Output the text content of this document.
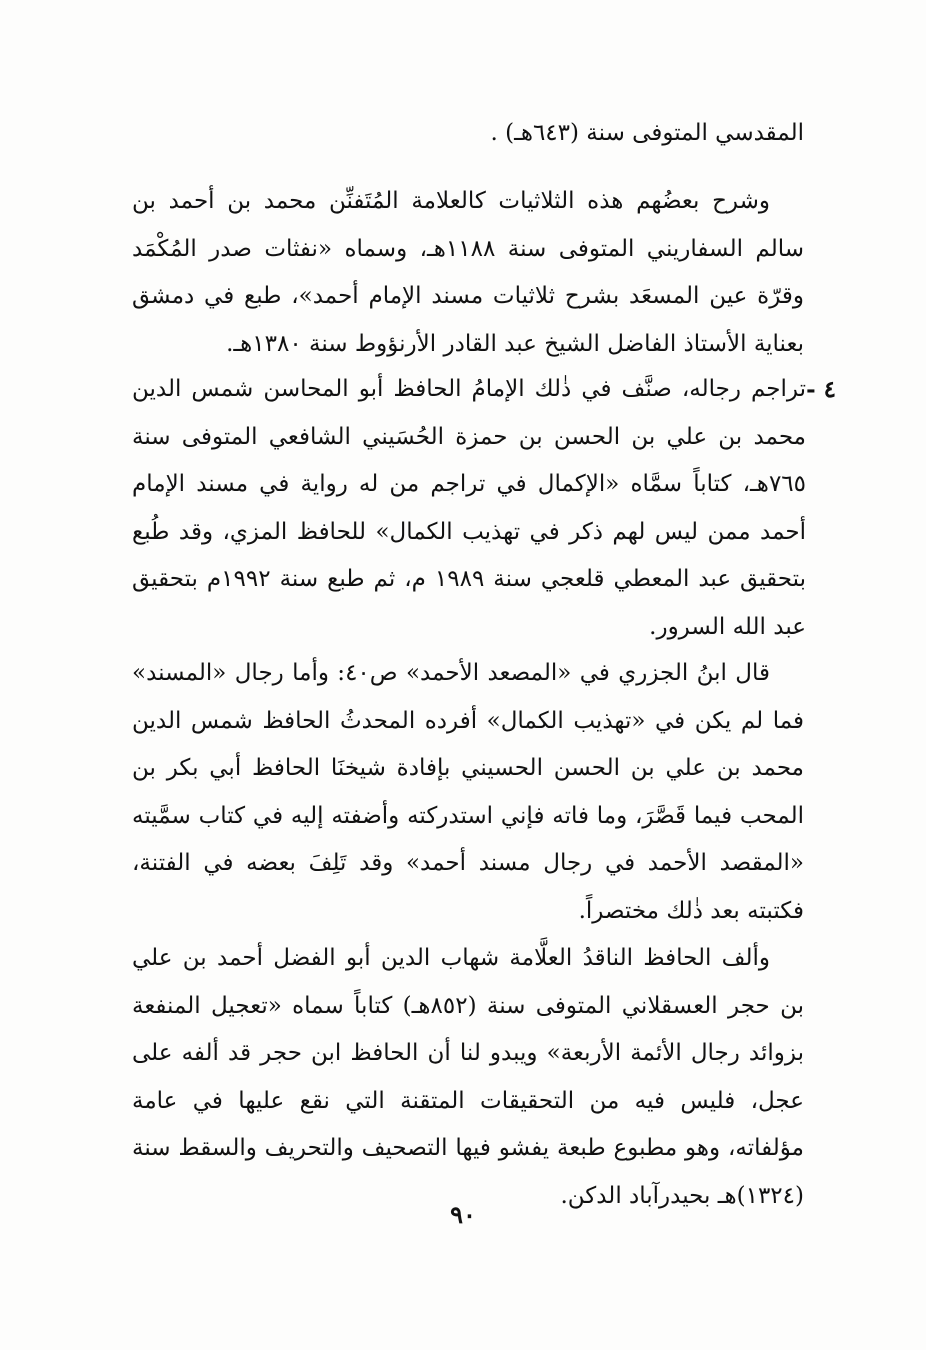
المقدسي المتوفى سنة (٦٤٣هـ) .

وشرح بعضُهم هذه الثلاثيات كالعلامة المُتَفنِّن محمد بن أحمد بن سالم السفاريني المتوفى سنة ١١٨٨هـ، وسماه «نفثات صدر المُكْمَد وقرّة عين المسعَد بشرح ثلاثيات مسند الإمام أحمد»، طبع في دمشق بعناية الأستاذ الفاضل الشيخ عبد القادر الأرنؤوط سنة ١٣٨٠هـ.

٤ -

تراجم رجاله، صنَّف في ذٰلك الإمامُ الحافظ أبو المحاسن شمس الدين محمد بن علي بن الحسن بن حمزة الحُسَيني الشافعي المتوفى سنة ٧٦٥هـ، كتاباً سمَّاه «الإكمال في تراجم من له رواية في مسند الإمام أحمد ممن ليس لهم ذكر في تهذيب الكمال» للحافظ المزي، وقد طُبع بتحقيق عبد المعطي قلعجي سنة ١٩٨٩ م، ثم طبع سنة ١٩٩٢م بتحقيق عبد الله السرور.

قال ابنُ الجزري في «المصعد الأحمد» ص٤٠: وأما رجال «المسند» فما لم يكن في «تهذيب الكمال» أفرده المحدثُ الحافظ شمس الدين محمد بن علي بن الحسن الحسيني بإفادة شيخنَا الحافظ أبي بكر بن المحب فيما قَصَّرَ، وما فاته فإني استدركته وأضفته إليه في كتاب سمَّيته «المقصد الأحمد في رجال مسند أحمد» وقد تَلِفَ بعضه في الفتنة، فكتبته بعد ذٰلك مختصراً.

وألف الحافظ الناقدُ العلَّامة شهاب الدين أبو الفضل أحمد بن علي بن حجر العسقلاني المتوفى سنة (٨٥٢هـ) كتاباً سماه «تعجيل المنفعة بزوائد رجال الأئمة الأربعة» ويبدو لنا أن الحافظ ابن حجر قد ألفه على عجل، فليس فيه من التحقيقات المتقنة التي نقع عليها في عامة مؤلفاته، وهو مطبوع طبعة يفشو فيها التصحيف والتحريف والسقط سنة (١٣٢٤)هـ بحيدرآباد الدكن.

٩٠
